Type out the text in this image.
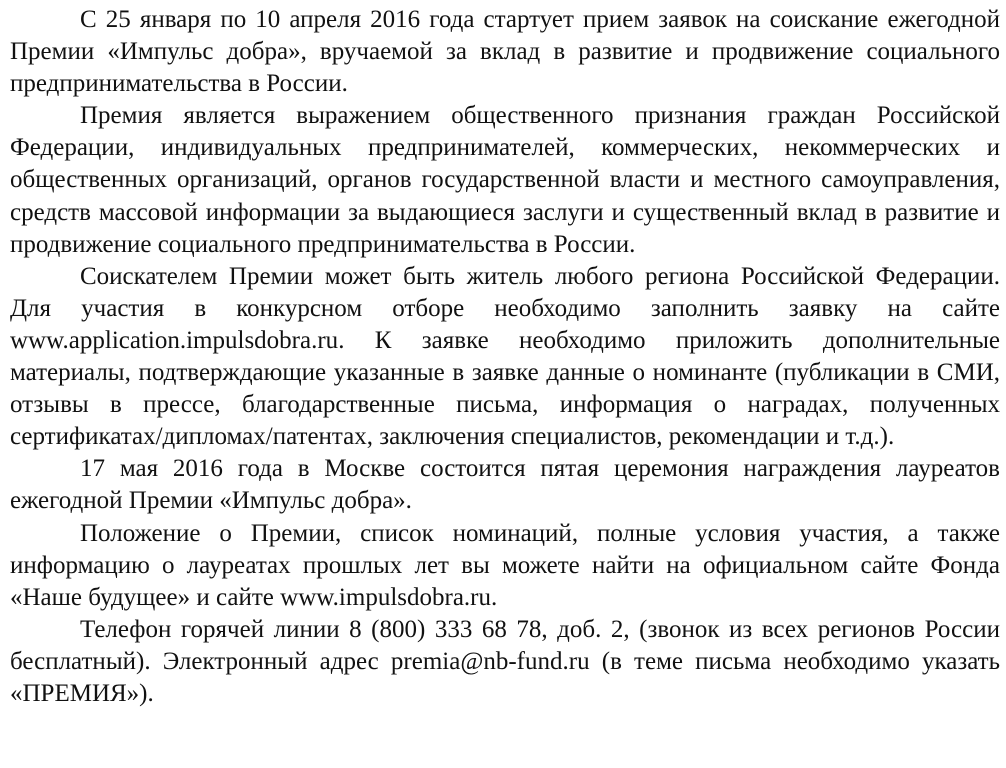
С 25 января по 10 апреля 2016 года стартует прием заявок на соискание ежегодной Премии «Импульс добра», вручаемой за вклад в развитие и продвижение социального предпринимательства в России.

Премия является выражением общественного признания граждан Российской Федерации, индивидуальных предпринимателей, коммерческих, некоммерческих и общественных организаций, органов государственной власти и местного самоуправления, средств массовой информации за выдающиеся заслуги и существенный вклад в развитие и продвижение социального предпринимательства в России.

Соискателем Премии может быть житель любого региона Российской Федерации. Для участия в конкурсном отборе необходимо заполнить заявку на сайте www.application.impulsdobra.ru. К заявке необходимо приложить дополнительные материалы, подтверждающие указанные в заявке данные о номинанте (публикации в СМИ, отзывы в прессе, благодарственные письма, информация о наградах, полученных сертификатах/дипломах/патентах, заключения специалистов, рекомендации и т.д.).

17 мая 2016 года в Москве состоится пятая церемония награждения лауреатов ежегодной Премии «Импульс добра».

Положение о Премии, список номинаций, полные условия участия, а также информацию о лауреатах прошлых лет вы можете найти на официальном сайте Фонда «Наше будущее» и сайте www.impulsdobra.ru.

Телефон горячей линии 8 (800) 333 68 78, доб. 2, (звонок из всех регионов России бесплатный). Электронный адрес premia@nb-fund.ru (в теме письма необходимо указать «ПРЕМИЯ»).
